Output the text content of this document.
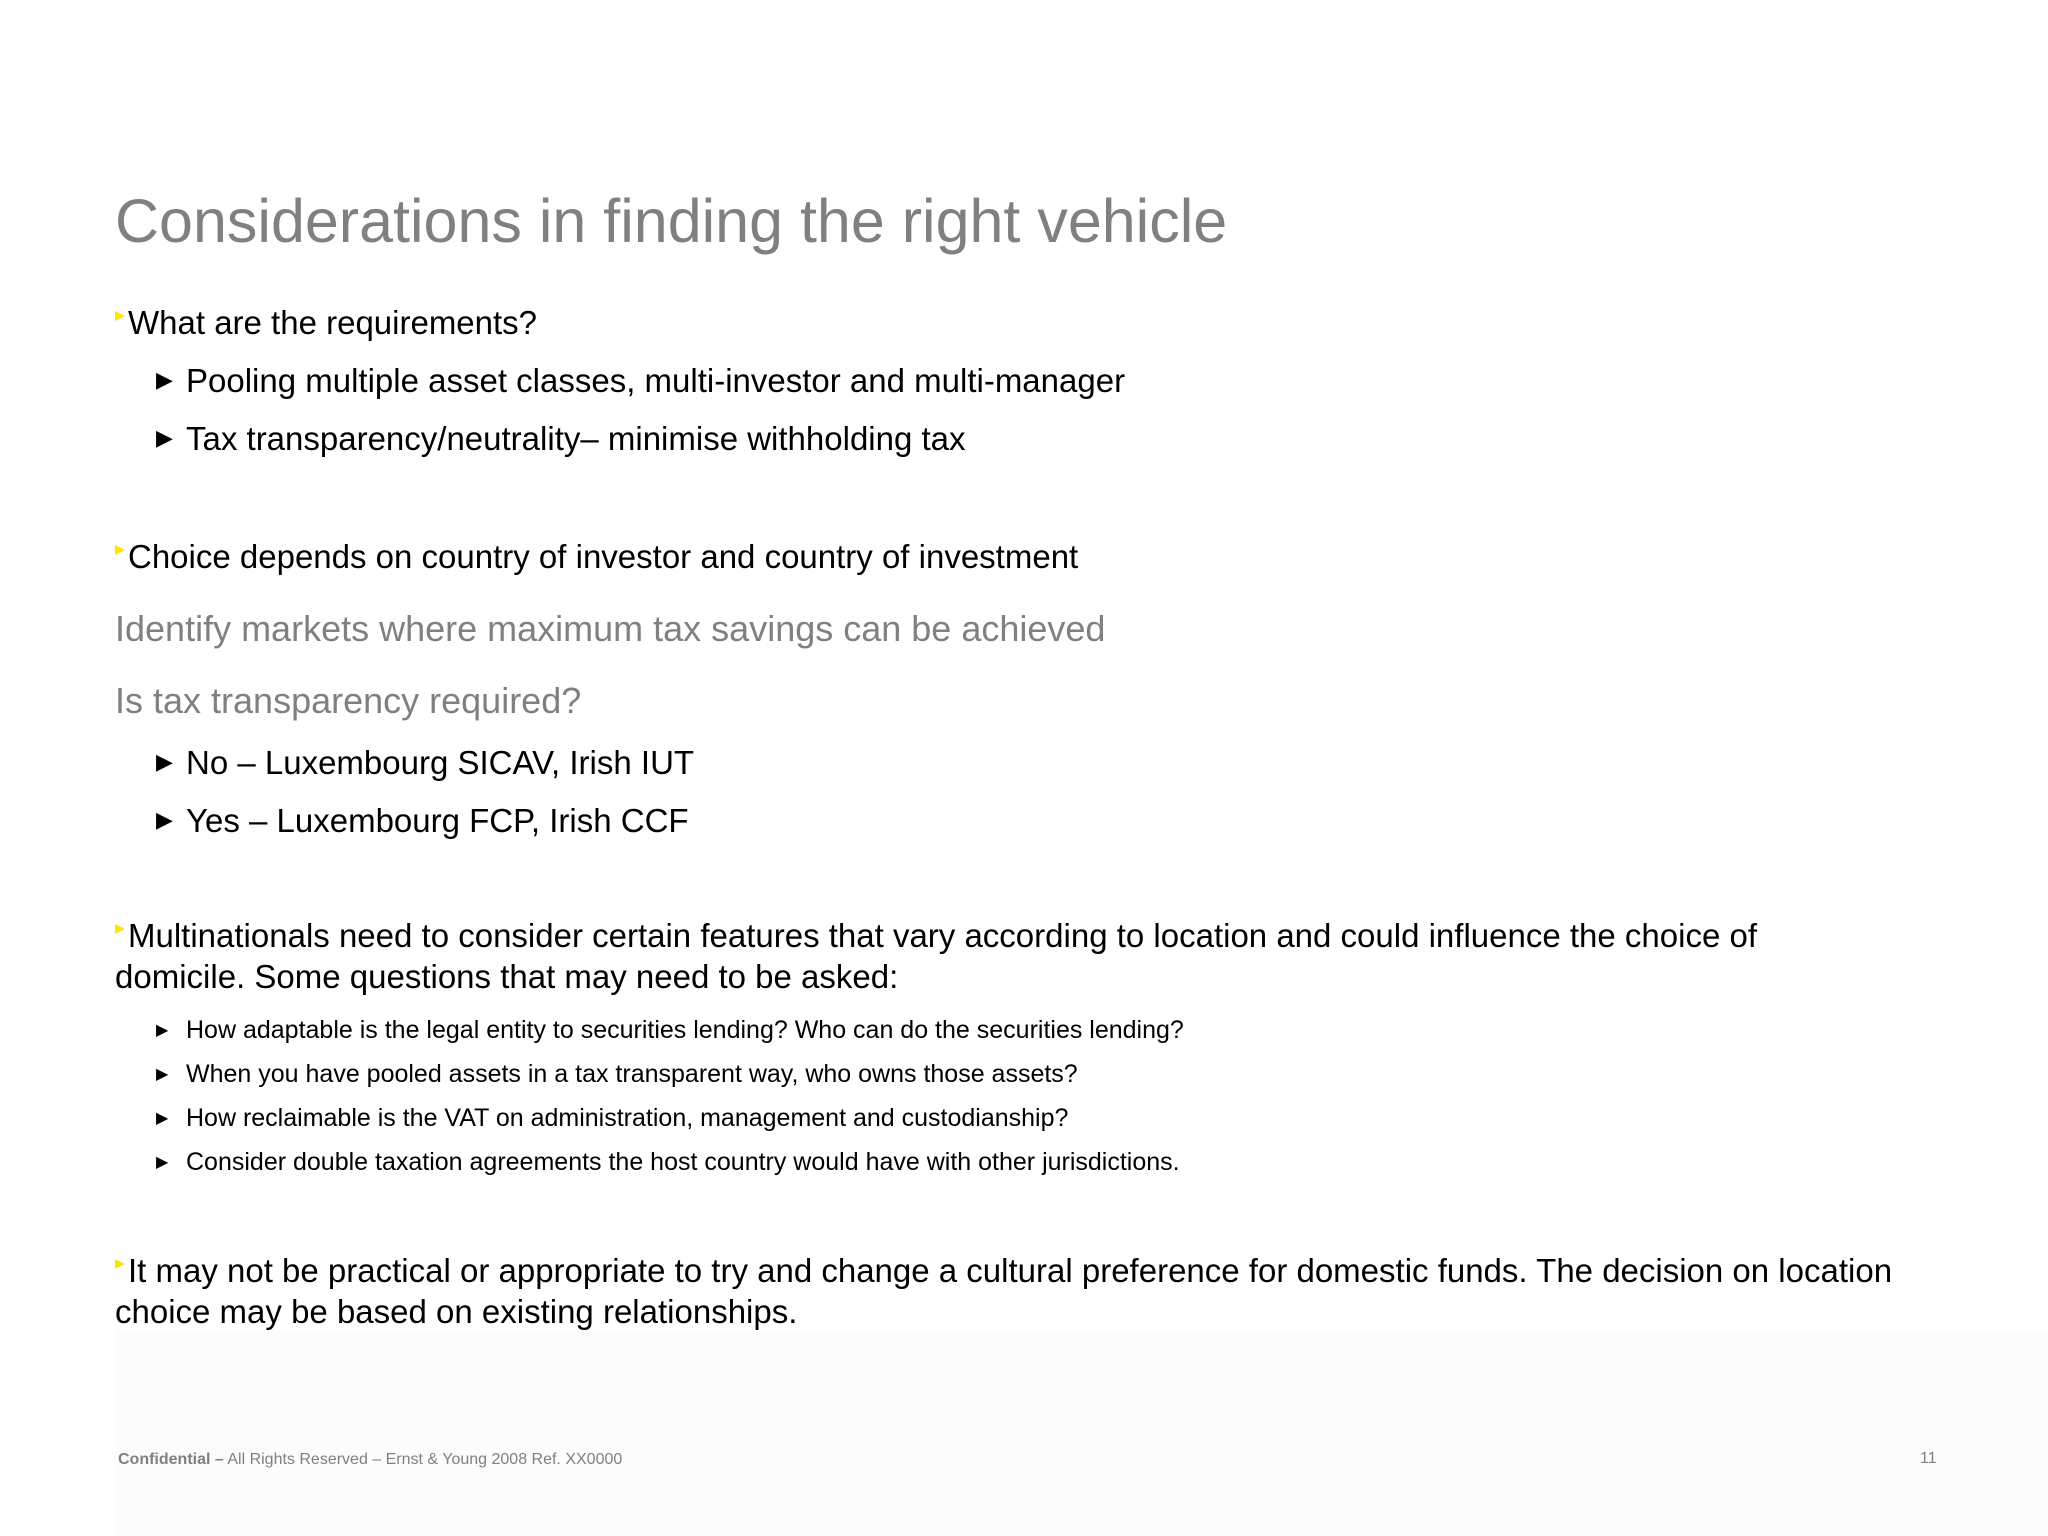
Considerations in finding the right vehicle
What are the requirements?
▶ Pooling multiple asset classes, multi-investor and multi-manager
▶ Tax transparency/neutrality– minimise withholding tax
Choice depends on country of investor and country of investment
Identify markets where maximum tax savings can be achieved
Is tax transparency required?
▶ No – Luxembourg SICAV, Irish IUT
▶ Yes – Luxembourg FCP, Irish CCF
Multinationals need to consider certain features that vary according to location and could influence the choice of domicile. Some questions that may need to be asked:
▶ How adaptable is the legal entity to securities lending? Who can do the securities lending?
▶ When you have pooled assets in a tax transparent way, who owns those assets?
▶ How reclaimable is the VAT on administration, management and custodianship?
▶ Consider double taxation agreements the host country would have with other jurisdictions.
It may not be practical or appropriate to try and change a cultural preference for domestic funds. The decision on location choice may be based on existing relationships.
Confidential – All Rights Reserved – Ernst & Young 2008 Ref. XX0000	11
